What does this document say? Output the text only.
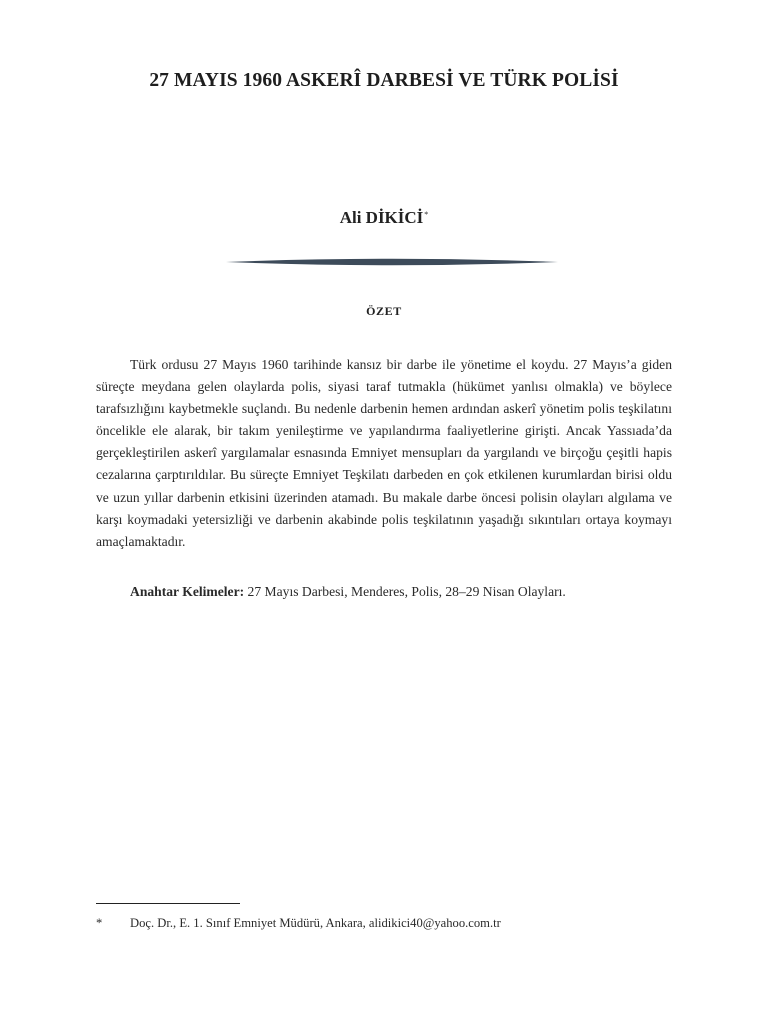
27 MAYIS 1960 ASKERÎ DARBESİ VE TÜRK POLİSİ

Ali DİKİCİ*

ÖZET

Türk ordusu 27 Mayıs 1960 tarihinde kansız bir darbe ile yönetime el koydu. 27 Mayıs’a giden süreçte meydana gelen olaylarda polis, siyasi taraf tutmakla (hükümet yanlısı olmakla) ve böylece tarafsızlığını kaybetmekle suçlandı. Bu nedenle darbenin hemen ardından askerî yönetim polis teşkilatını öncelikle ele alarak, bir takım yenileştirme ve yapılandırma faaliyetlerine girişti. Ancak Yassıada’da gerçekleştirilen askerî yargılamalar esnasında Emniyet mensupları da yargılandı ve birçoğu çeşitli hapis cezalarına çarptırıldılar. Bu süreçte Emniyet Teşkilatı darbeden en çok etkilenen kurumlardan birisi oldu ve uzun yıllar darbenin etkisini üzerinden atamadı. Bu makale darbe öncesi polisin olayları algılama ve karşı koymadaki yetersizliği ve darbenin akabinde polis teşkilatının yaşadığı sıkıntıları ortaya koymayı amaçlamaktadır.

Anahtar Kelimeler: 27 Mayıs Darbesi, Menderes, Polis, 28–29 Nisan Olayları.

* Doç. Dr., E. 1. Sınıf Emniyet Müdürü, Ankara, alidikici40@yahoo.com.tr
